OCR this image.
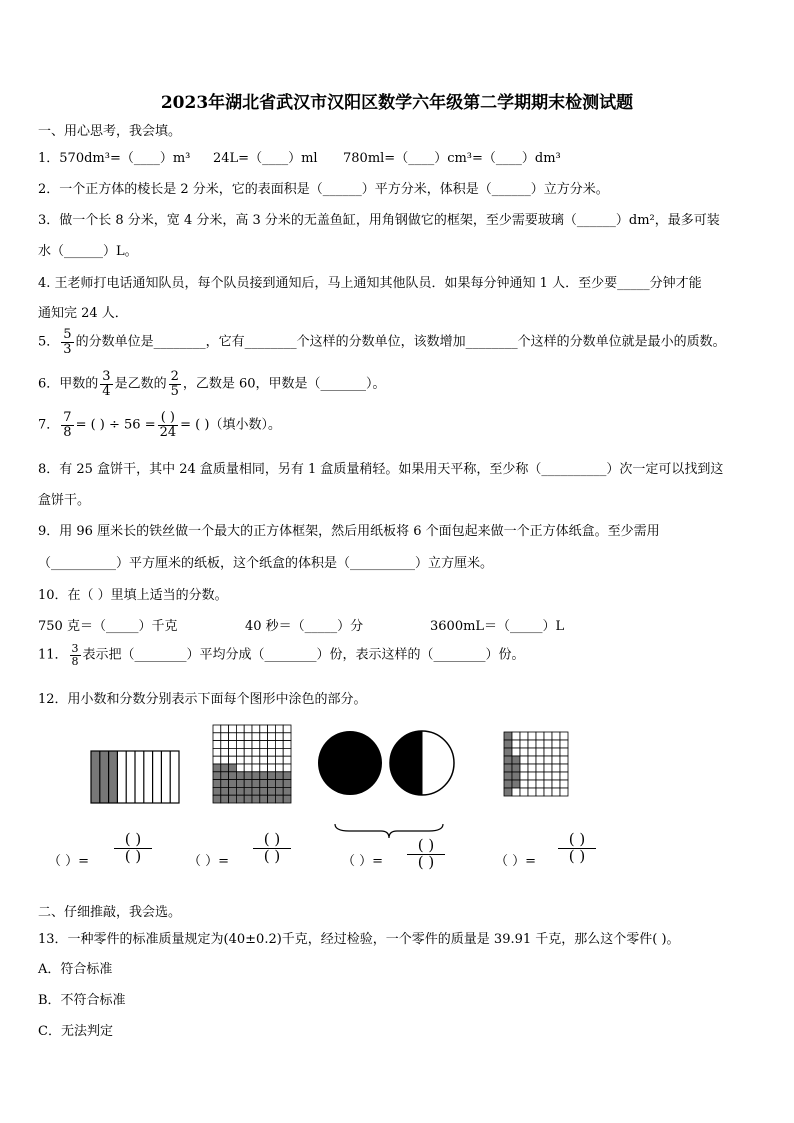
2023年湖北省武汉市汉阳区数学六年级第二学期期末检测试题
一、用心思考，我会填。
1．570dm³=（____）m³ 24L=（____）ml 780ml=（____）cm³=（____）dm³
2．一个正方体的棱长是 2 分米，它的表面积是（______）平方分米，体积是（______）立方分米。
3．做一个长 8 分米，宽 4 分米，高 3 分米的无盖鱼缸，用角钢做它的框架，至少需要玻璃（______）dm²，最多可装
水（______）L。
4. 王老师打电话通知队员，每个队员接到通知后，马上通知其他队员．如果每分钟通知 1 人．至少要_____分钟才能
通知完 24 人．
5． $\frac{5}{3}$ 的分数单位是________，它有________个这样的分数单位，该数增加________个这样的分数单位就是最小的质数。
6．甲数的 $\frac{3}{4}$ 是乙数的 $\frac{2}{5}$ ，乙数是 60，甲数是（_______）。
7． $\frac{7}{8}$ = ( ) ÷ $56 = \frac{( )}{24}$ = ( )（填小数）。
8．有 25 盒饼干，其中 24 盒质量相同，另有 1 盒质量稍轻。如果用天平称，至少称（__________）次一定可以找到这
盒饼干。
9．用 96 厘米长的铁丝做一个最大的正方体框架，然后用纸板将 6 个面包起来做一个正方体纸盒。至少需用
（__________）平方厘米的纸板，这个纸盒的体积是（__________）立方厘米。
10．在（ ）里填上适当的分数。
750 克＝（_____）千克	40 秒＝（_____）分	3600mL＝（_____）L
11． $\frac{3}{8}$ 表示把（________）平均分成（________）份，表示这样的（________）份。
12．用小数和分数分别表示下面每个图形中涂色的部分。
（ ）= $\frac{( )}{( )}$	（ ）= $\frac{( )}{( )}$	（ ）= $\frac{( )}{( )}$	（ ）= $\frac{( )}{( )}$
二、仔细推敲，我会选。
13．一种零件的标准质量规定为(40±0.2)千克，经过检验，一个零件的质量是 39.91 千克，那么这个零件( )。
A．符合标准
B．不符合标准
C．无法判定
